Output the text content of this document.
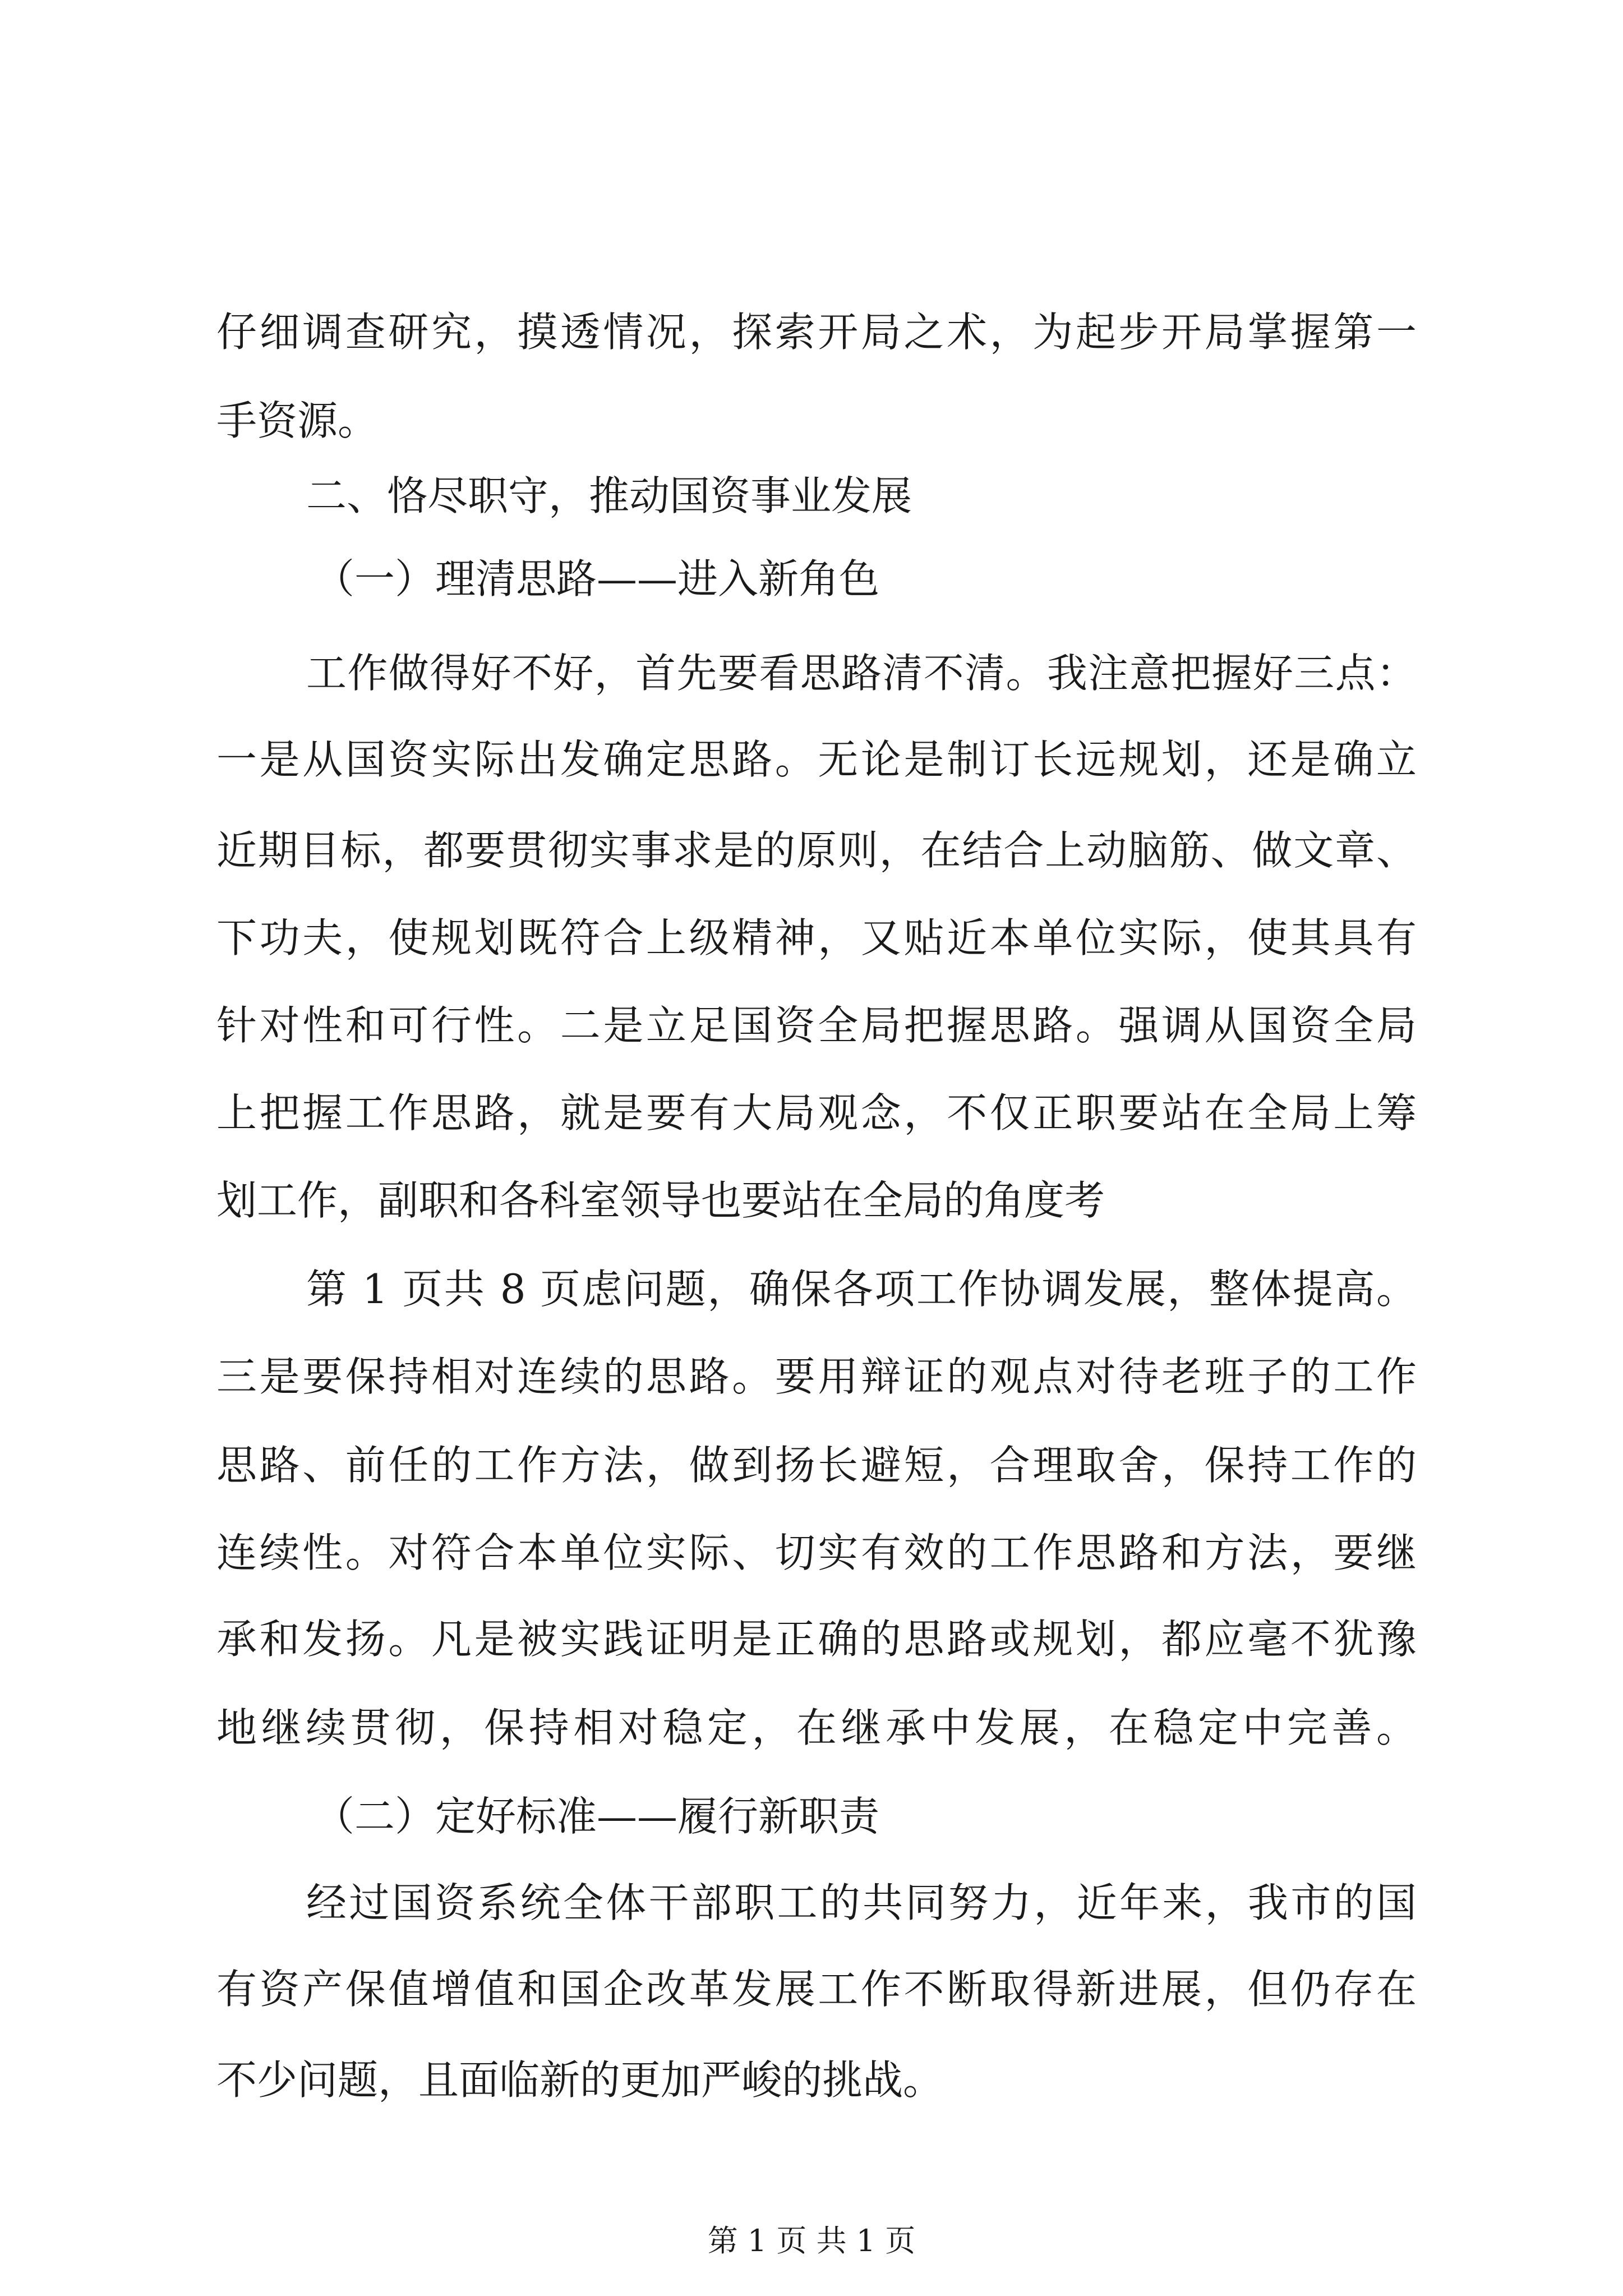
仔细调查研究，摸透情况，探索开局之术，为起步开局掌握第一
手资源。
二、恪尽职守，推动国资事业发展
（一）理清思路——进入新角色
工作做得好不好，首先要看思路清不清。我注意把握好三点：
一是从国资实际出发确定思路。无论是制订长远规划，还是确立
近期目标，都要贯彻实事求是的原则，在结合上动脑筋、做文章、
下功夫，使规划既符合上级精神，又贴近本单位实际，使其具有
针对性和可行性。二是立足国资全局把握思路。强调从国资全局
上把握工作思路，就是要有大局观念，不仅正职要站在全局上筹
划工作，副职和各科室领导也要站在全局的角度考
第 1 页共 8 页虑问题，确保各项工作协调发展，整体提高。
三是要保持相对连续的思路。要用辩证的观点对待老班子的工作
思路、前任的工作方法，做到扬长避短，合理取舍，保持工作的
连续性。对符合本单位实际、切实有效的工作思路和方法，要继
承和发扬。凡是被实践证明是正确的思路或规划，都应毫不犹豫
地继续贯彻，保持相对稳定，在继承中发展，在稳定中完善。
（二）定好标准——履行新职责
经过国资系统全体干部职工的共同努力，近年来，我市的国
有资产保值增值和国企改革发展工作不断取得新进展，但仍存在
不少问题，且面临新的更加严峻的挑战。
第 1 页 共 1 页
